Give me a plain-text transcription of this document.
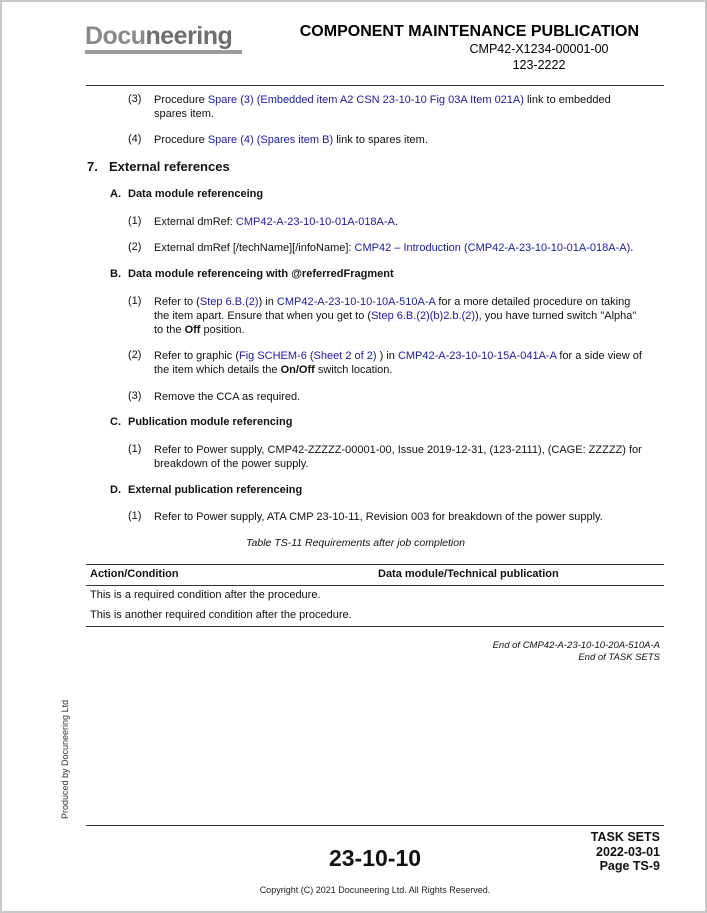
Docuneering	COMPONENT MAINTENANCE PUBLICATION
CMP42-X1234-00001-00
123-2222
(3) Procedure Spare (3) (Embedded item A2 CSN 23-10-10 Fig 03A Item 021A) link to embedded
spares item.
(4) Procedure Spare (4) (Spares item B) link to spares item.
7. External references
A. Data module referenceing
(1) External dmRef: CMP42-A-23-10-10-01A-018A-A.
(2) External dmRef [/techName][/infoName]: CMP42 – Introduction (CMP42-A-23-10-10-01A-018A-A).
B. Data module referenceing with @referredFragment
(1) Refer to (Step 6.B.(2)) in CMP42-A-23-10-10-10A-510A-A for a more detailed procedure on taking
the item apart. Ensure that when you get to (Step 6.B.(2)(b)2.b.(2)), you have turned switch "Alpha"
to the Off position.
(2) Refer to graphic (Fig SCHEM-6 (Sheet 2 of 2) ) in CMP42-A-23-10-10-15A-041A-A for a side view of
the item which details the On/Off switch location.
(3) Remove the CCA as required.
C. Publication module referencing
(1) Refer to Power supply, CMP42-ZZZZZ-00001-00, Issue 2019-12-31, (123-2111), (CAGE: ZZZZZ) for
breakdown of the power supply.
D. External publication referenceing
(1) Refer to Power supply, ATA CMP 23-10-11, Revision 003 for breakdown of the power supply.
Table TS-11 Requirements after job completion
Action/Condition	Data module/Technical publication
This is a required condition after the procedure.
This is another required condition after the procedure.
End of CMP42-A-23-10-10-20A-510A-A
End of TASK SETS
Produced by Docuneering Ltd
23-10-10
TASK SETS
2022-03-01
Page TS-9
Copyright (C) 2021 Docuneering Ltd. All Rights Reserved.
